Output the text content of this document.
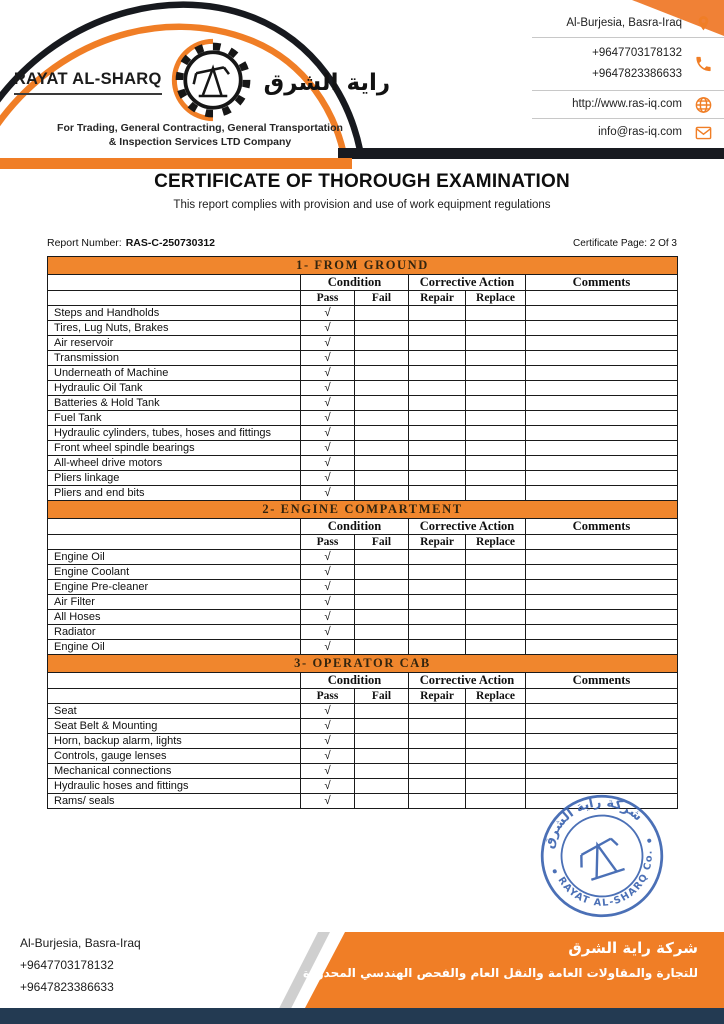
RAYAT AL-SHARQ	راية الشرق
For Trading, General Contracting, General Transportation
& Inspection Services LTD Company
Al-Burjesia, Basra-Iraq
+9647703178132
+9647823386633
http://www.ras-iq.com
info@ras-iq.com
CERTIFICATE OF THOROUGH EXAMINATION
This report complies with provision and use of work equipment regulations
Report Number: RAS-C-250730312	Certificate Page: 2 Of 3
1- FROM GROUND					
	Condition		Corrective Action		Comments
	Pass	Fail	Repair	Replace	
Steps and Handholds	√				
Tires, Lug Nuts, Brakes	√				
Air reservoir	√				
Transmission	√				
Underneath of Machine	√				
Hydraulic Oil Tank	√				
Batteries & Hold Tank	√				
Fuel Tank	√				
Hydraulic cylinders, tubes, hoses and fittings	√				
Front wheel spindle bearings	√				
All-wheel drive motors	√				
Pliers linkage	√				
Pliers and end bits	√				
2- ENGINE COMPARTMENT					
	Condition		Corrective Action		Comments
	Pass	Fail	Repair	Replace	
Engine Oil	√				
Engine Coolant	√				
Engine Pre-cleaner	√				
Air Filter	√				
All Hoses	√				
Radiator	√				
Engine Oil	√				
3- OPERATOR CAB					
	Condition		Corrective Action		Comments
	Pass	Fail	Repair	Replace	
Seat	√				
Seat Belt & Mounting	√				
Horn, backup alarm, lights	√				
Controls, gauge lenses	√				
Mechanical connections	√				
Hydraulic hoses and fittings	√				
Rams/ seals	√				
شركة راية الشرق
RAYAT AL-SHARQ Co.
Al-Burjesia, Basra-Iraq
+9647703178132
+9647823386633
شركة راية الشرق
للتجارة والمقاولات العامة والنقل العام والفحص الهندسي المحدودة
